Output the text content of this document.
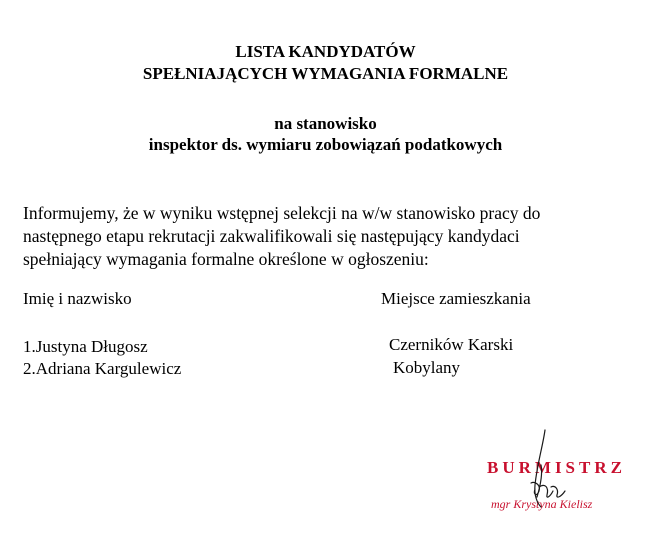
LISTA KANDYDATÓW
SPEŁNIAJĄCYCH WYMAGANIA FORMALNE
na stanowisko
inspektor ds. wymiaru zobowiązań podatkowych
Informujemy, że w wyniku wstępnej selekcji na w/w stanowisko pracy do
następnego etapu rekrutacji zakwalifikowali się następujący kandydaci
spełniający wymagania formalne określone w ogłoszeniu:
Imię i nazwisko	Miejsce zamieszkania
1.Justyna Długosz	Czerników Karski
2.Adriana Kargulewicz	Kobylany
BURMISTRZ
mgr Krystyna Kielisz
